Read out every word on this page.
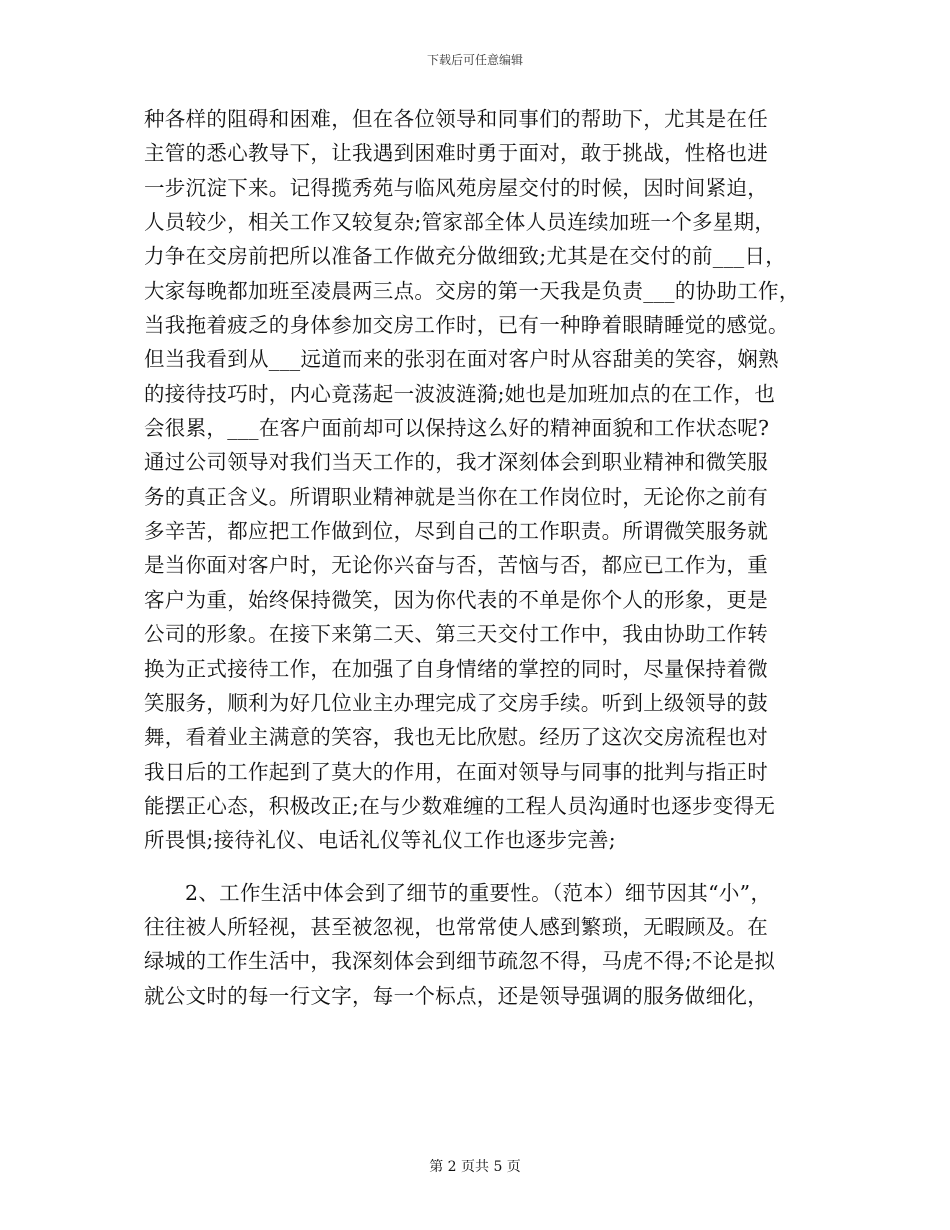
下载后可任意编辑
种各样的阻碍和困难，但在各位领导和同事们的帮助下，尤其是在任
主管的悉心教导下，让我遇到困难时勇于面对，敢于挑战，性格也进
一步沉淀下来。记得揽秀苑与临风苑房屋交付的时候，因时间紧迫，
人员较少，相关工作又较复杂;管家部全体人员连续加班一个多星期，
力争在交房前把所以准备工作做充分做细致;尤其是在交付的前___日，
大家每晚都加班至凌晨两三点。交房的第一天我是负责___的协助工作，
当我拖着疲乏的身体参加交房工作时，已有一种睁着眼睛睡觉的感觉。
但当我看到从___远道而来的张羽在面对客户时从容甜美的笑容，娴熟
的接待技巧时，内心竟荡起一波波涟漪;她也是加班加点的在工作，也
会很累，___在客户面前却可以保持这么好的精神面貌和工作状态呢?
通过公司领导对我们当天工作的，我才深刻体会到职业精神和微笑服
务的真正含义。所谓职业精神就是当你在工作岗位时，无论你之前有
多辛苦，都应把工作做到位，尽到自己的工作职责。所谓微笑服务就
是当你面对客户时，无论你兴奋与否，苦恼与否，都应已工作为，重
客户为重，始终保持微笑，因为你代表的不单是你个人的形象，更是
公司的形象。在接下来第二天、第三天交付工作中，我由协助工作转
换为正式接待工作，在加强了自身情绪的掌控的同时，尽量保持着微
笑服务，顺利为好几位业主办理完成了交房手续。听到上级领导的鼓
舞，看着业主满意的笑容，我也无比欣慰。经历了这次交房流程也对
我日后的工作起到了莫大的作用，在面对领导与同事的批判与指正时
能摆正心态，积极改正;在与少数难缠的工程人员沟通时也逐步变得无
所畏惧;接待礼仪、电话礼仪等礼仪工作也逐步完善;
2、工作生活中体会到了细节的重要性。（范本）细节因其“小”，
往往被人所轻视，甚至被忽视，也常常使人感到繁琐，无暇顾及。在
绿城的工作生活中，我深刻体会到细节疏忽不得，马虎不得;不论是拟
就公文时的每一行文字，每一个标点，还是领导强调的服务做细化，
第 2 页共 5 页
